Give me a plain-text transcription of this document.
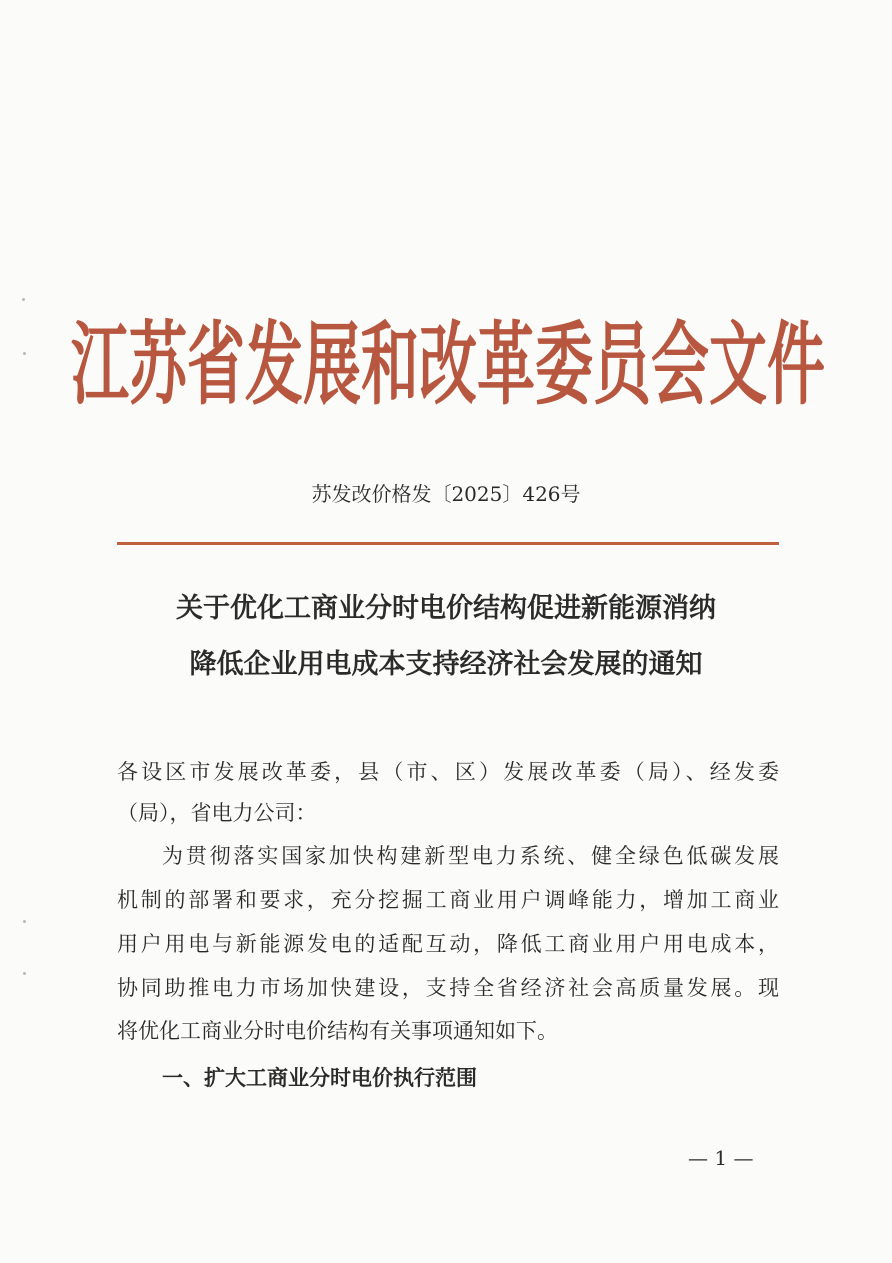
江苏省发展和改革委员会文件
苏发改价格发〔2025〕426号
关于优化工商业分时电价结构促进新能源消纳
降低企业用电成本支持经济社会发展的通知
各设区市发展改革委，县（市、区）发展改革委（局）、经发委
（局），省电力公司：
为贯彻落实国家加快构建新型电力系统、健全绿色低碳发展
机制的部署和要求，充分挖掘工商业用户调峰能力，增加工商业
用户用电与新能源发电的适配互动，降低工商业用户用电成本，
协同助推电力市场加快建设，支持全省经济社会高质量发展。现
将优化工商业分时电价结构有关事项通知如下。
一、扩大工商业分时电价执行范围
— 1 —
